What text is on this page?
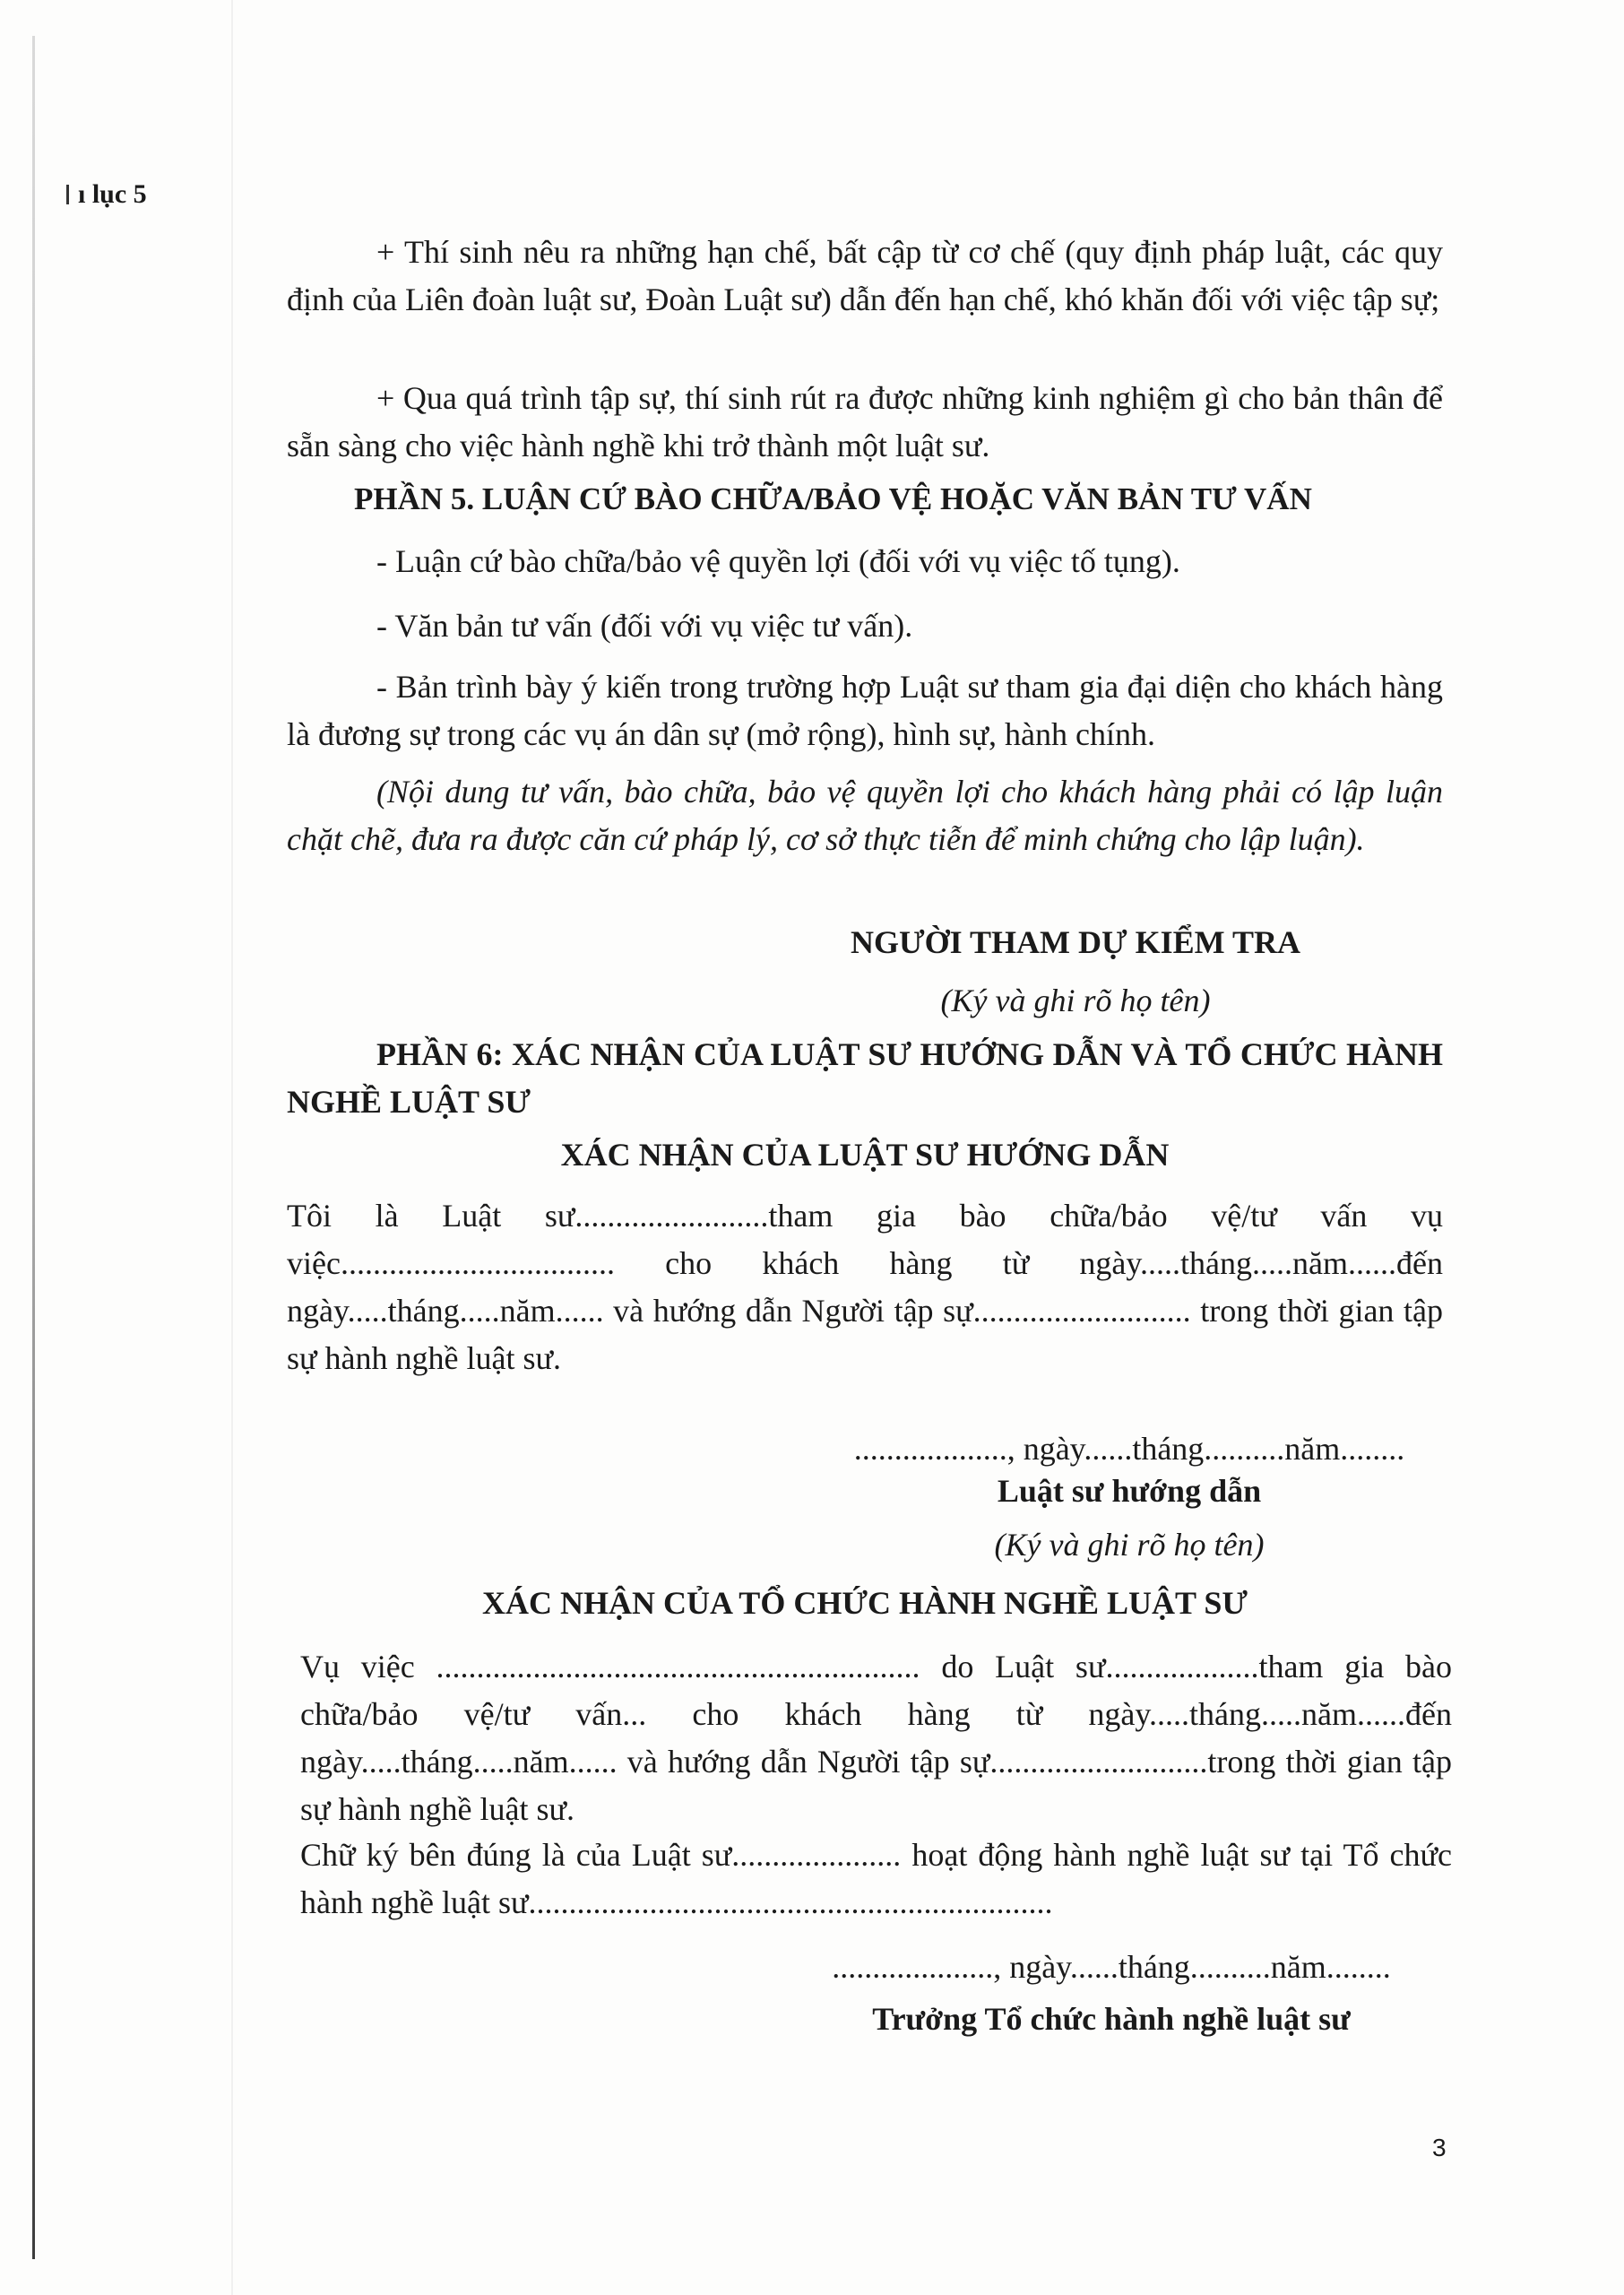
ı lục 5

+ Thí sinh nêu ra những hạn chế, bất cập từ cơ chế (quy định pháp luật, các quy định của Liên đoàn luật sư, Đoàn Luật sư) dẫn đến hạn chế, khó khăn đối với việc tập sự;

+ Qua quá trình tập sự, thí sinh rút ra được những kinh nghiệm gì cho bản thân để sẵn sàng cho việc hành nghề khi trở thành một luật sư.

PHẦN 5. LUẬN CỨ BÀO CHỮA/BẢO VỆ HOẶC VĂN BẢN TƯ VẤN

- Luận cứ bào chữa/bảo vệ quyền lợi (đối với vụ việc tố tụng).

- Văn bản tư vấn (đối với vụ việc tư vấn).

- Bản trình bày ý kiến trong trường hợp Luật sư tham gia đại diện cho khách hàng là đương sự trong các vụ án dân sự (mở rộng), hình sự, hành chính.

(Nội dung tư vấn, bào chữa, bảo vệ quyền lợi cho khách hàng phải có lập luận chặt chẽ, đưa ra được căn cứ pháp lý, cơ sở thực tiễn để minh chứng cho lập luận).

NGƯỜI THAM DỰ KIỂM TRA

(Ký và ghi rõ họ tên)

PHẦN 6: XÁC NHẬN CỦA LUẬT SƯ HƯỚNG DẪN VÀ TỔ CHỨC HÀNH NGHỀ LUẬT SƯ

XÁC NHẬN CỦA LUẬT SƯ HƯỚNG DẪN

Tôi là Luật sư........................tham gia bào chữa/bảo vệ/tư vấn vụ việc.................................. cho khách hàng từ ngày.....tháng.....năm......đến ngày.....tháng.....năm...... và hướng dẫn Người tập sự........................... trong thời gian tập sự hành nghề luật sư.

..................., ngày......tháng..........năm........

Luật sư hướng dẫn

(Ký và ghi rõ họ tên)

XÁC NHẬN CỦA TỔ CHỨC HÀNH NGHỀ LUẬT SƯ

Vụ việc ............................................................ do Luật sư...................tham gia bào chữa/bảo vệ/tư vấn... cho khách hàng từ ngày.....tháng.....năm......đến ngày.....tháng.....năm...... và hướng dẫn Người tập sự...........................trong thời gian tập sự hành nghề luật sư.

Chữ ký bên đúng là của Luật sư..................... hoạt động hành nghề luật sư tại Tổ chức hành nghề luật sư.................................................................

...................., ngày......tháng..........năm........

Trưởng Tổ chức hành nghề luật sư

3
